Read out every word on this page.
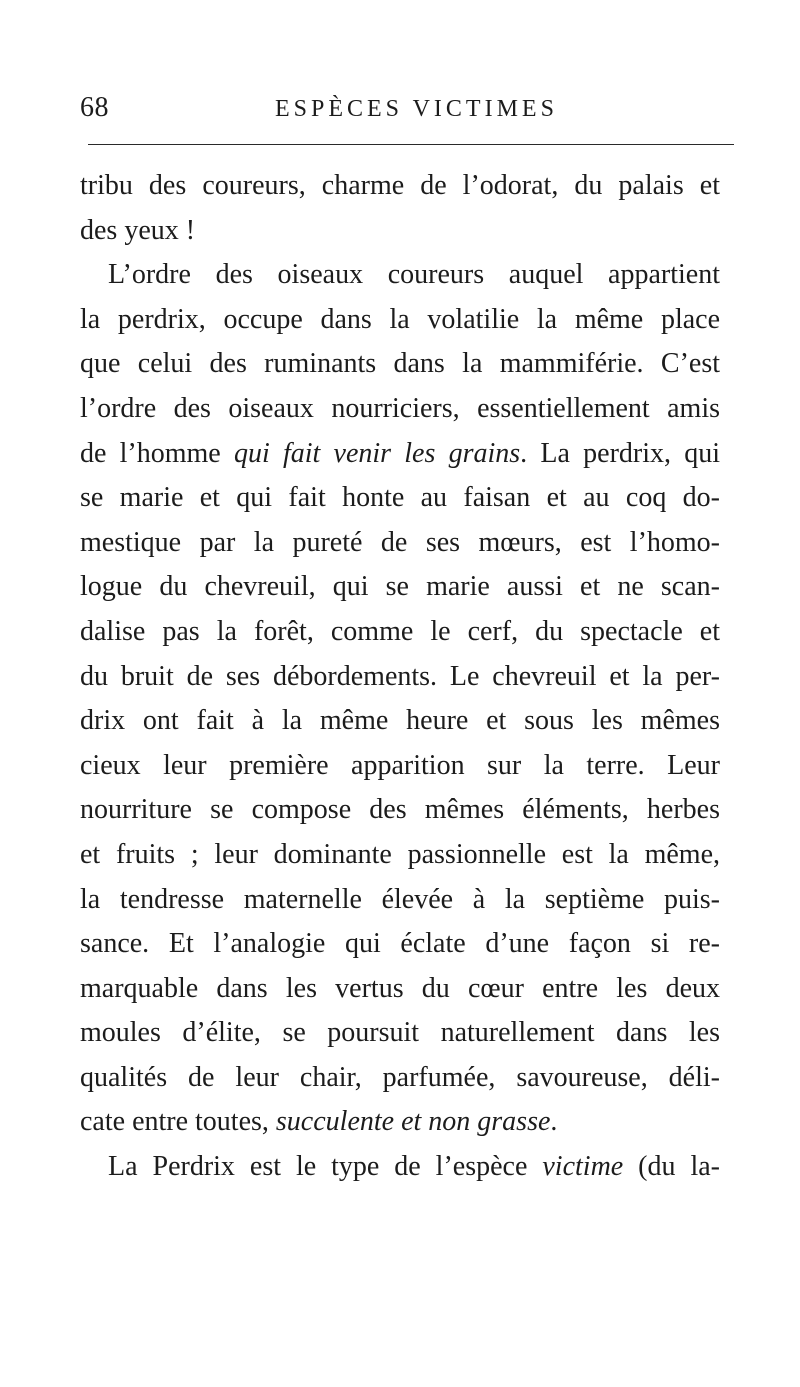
68	ESPÈCES VICTIMES
tribu des coureurs, charme de l’odorat, du palais et
des yeux !
L’ordre des oiseaux coureurs auquel appartient
la perdrix, occupe dans la volatilie la même place
que celui des ruminants dans la mammiférie. C’est
l’ordre des oiseaux nourriciers, essentiellement amis
de l’homme qui fait venir les grains. La perdrix, qui
se marie et qui fait honte au faisan et au coq do-
mestique par la pureté de ses mœurs, est l’homo-
logue du chevreuil, qui se marie aussi et ne scan-
dalise pas la forêt, comme le cerf, du spectacle et
du bruit de ses débordements. Le chevreuil et la per-
drix ont fait à la même heure et sous les mêmes
cieux leur première apparition sur la terre. Leur
nourriture se compose des mêmes éléments, herbes
et fruits ; leur dominante passionnelle est la même,
la tendresse maternelle élevée à la septième puis-
sance. Et l’analogie qui éclate d’une façon si re-
marquable dans les vertus du cœur entre les deux
moules d’élite, se poursuit naturellement dans les
qualités de leur chair, parfumée, savoureuse, déli-
cate entre toutes, succulente et non grasse.
La Perdrix est le type de l’espèce victime (du la-
